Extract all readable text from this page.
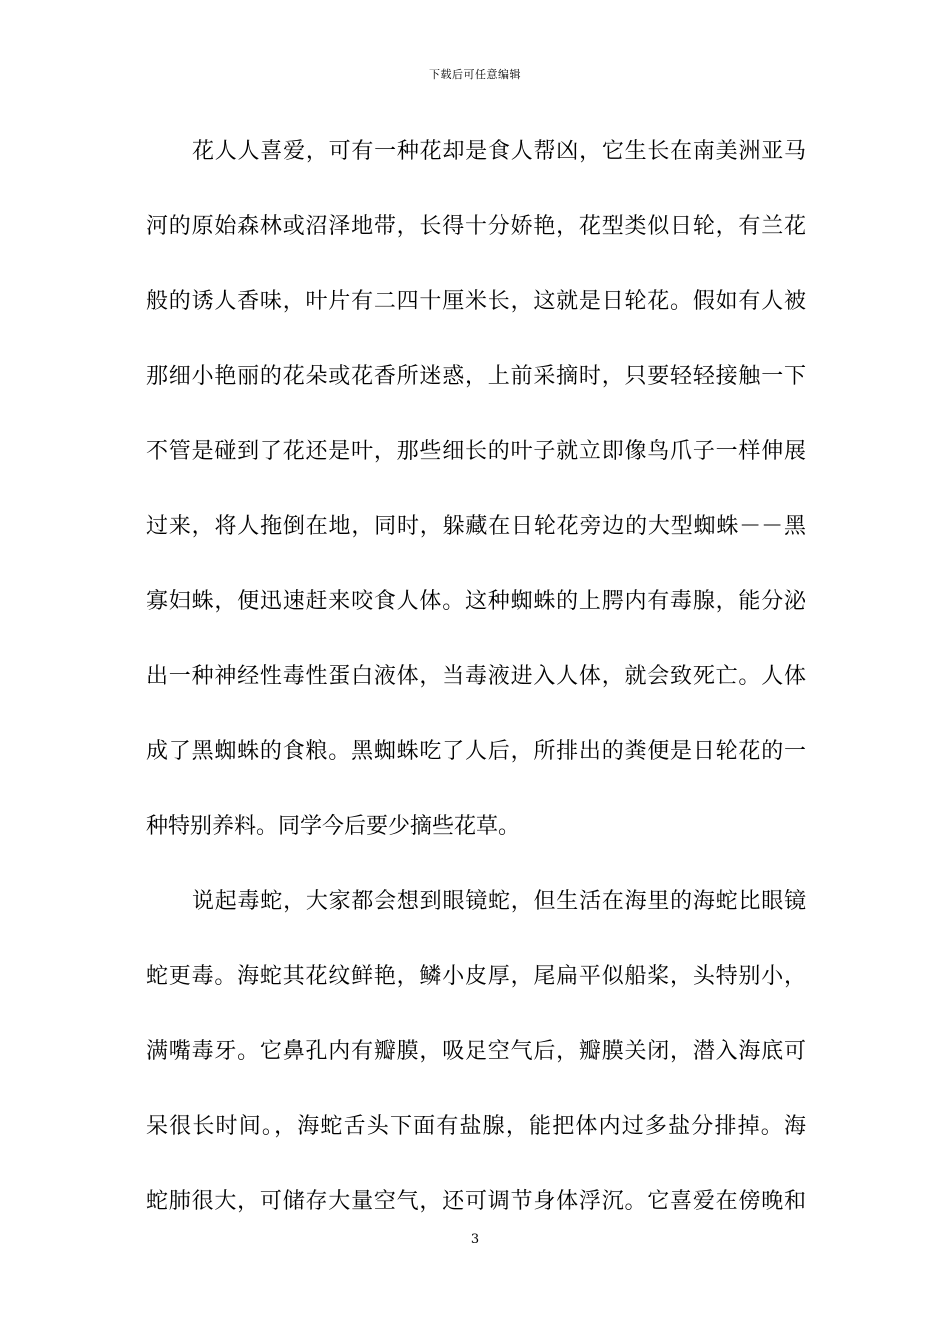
下载后可任意编辑
花人人喜爱，可有一种花却是食人帮凶，它生长在南美洲亚马
河的原始森林或沼泽地带，长得十分娇艳，花型类似日轮，有兰花
般的诱人香味，叶片有二四十厘米长，这就是日轮花。假如有人被
那细小艳丽的花朵或花香所迷惑，上前采摘时，只要轻轻接触一下
不管是碰到了花还是叶，那些细长的叶子就立即像鸟爪子一样伸展
过来，将人拖倒在地，同时，躲藏在日轮花旁边的大型蜘蛛－－黑
寡妇蛛，便迅速赶来咬食人体。这种蜘蛛的上腭内有毒腺，能分泌
出一种神经性毒性蛋白液体，当毒液进入人体，就会致死亡。人体
成了黑蜘蛛的食粮。黑蜘蛛吃了人后，所排出的粪便是日轮花的一
种特别养料。同学今后要少摘些花草。
说起毒蛇，大家都会想到眼镜蛇，但生活在海里的海蛇比眼镜
蛇更毒。海蛇其花纹鲜艳，鳞小皮厚，尾扁平似船桨，头特别小，
满嘴毒牙。它鼻孔内有瓣膜，吸足空气后，瓣膜关闭，潜入海底可
呆很长时间。，海蛇舌头下面有盐腺，能把体内过多盐分排掉。海
蛇肺很大，可储存大量空气，还可调节身体浮沉。它喜爱在傍晚和
3
